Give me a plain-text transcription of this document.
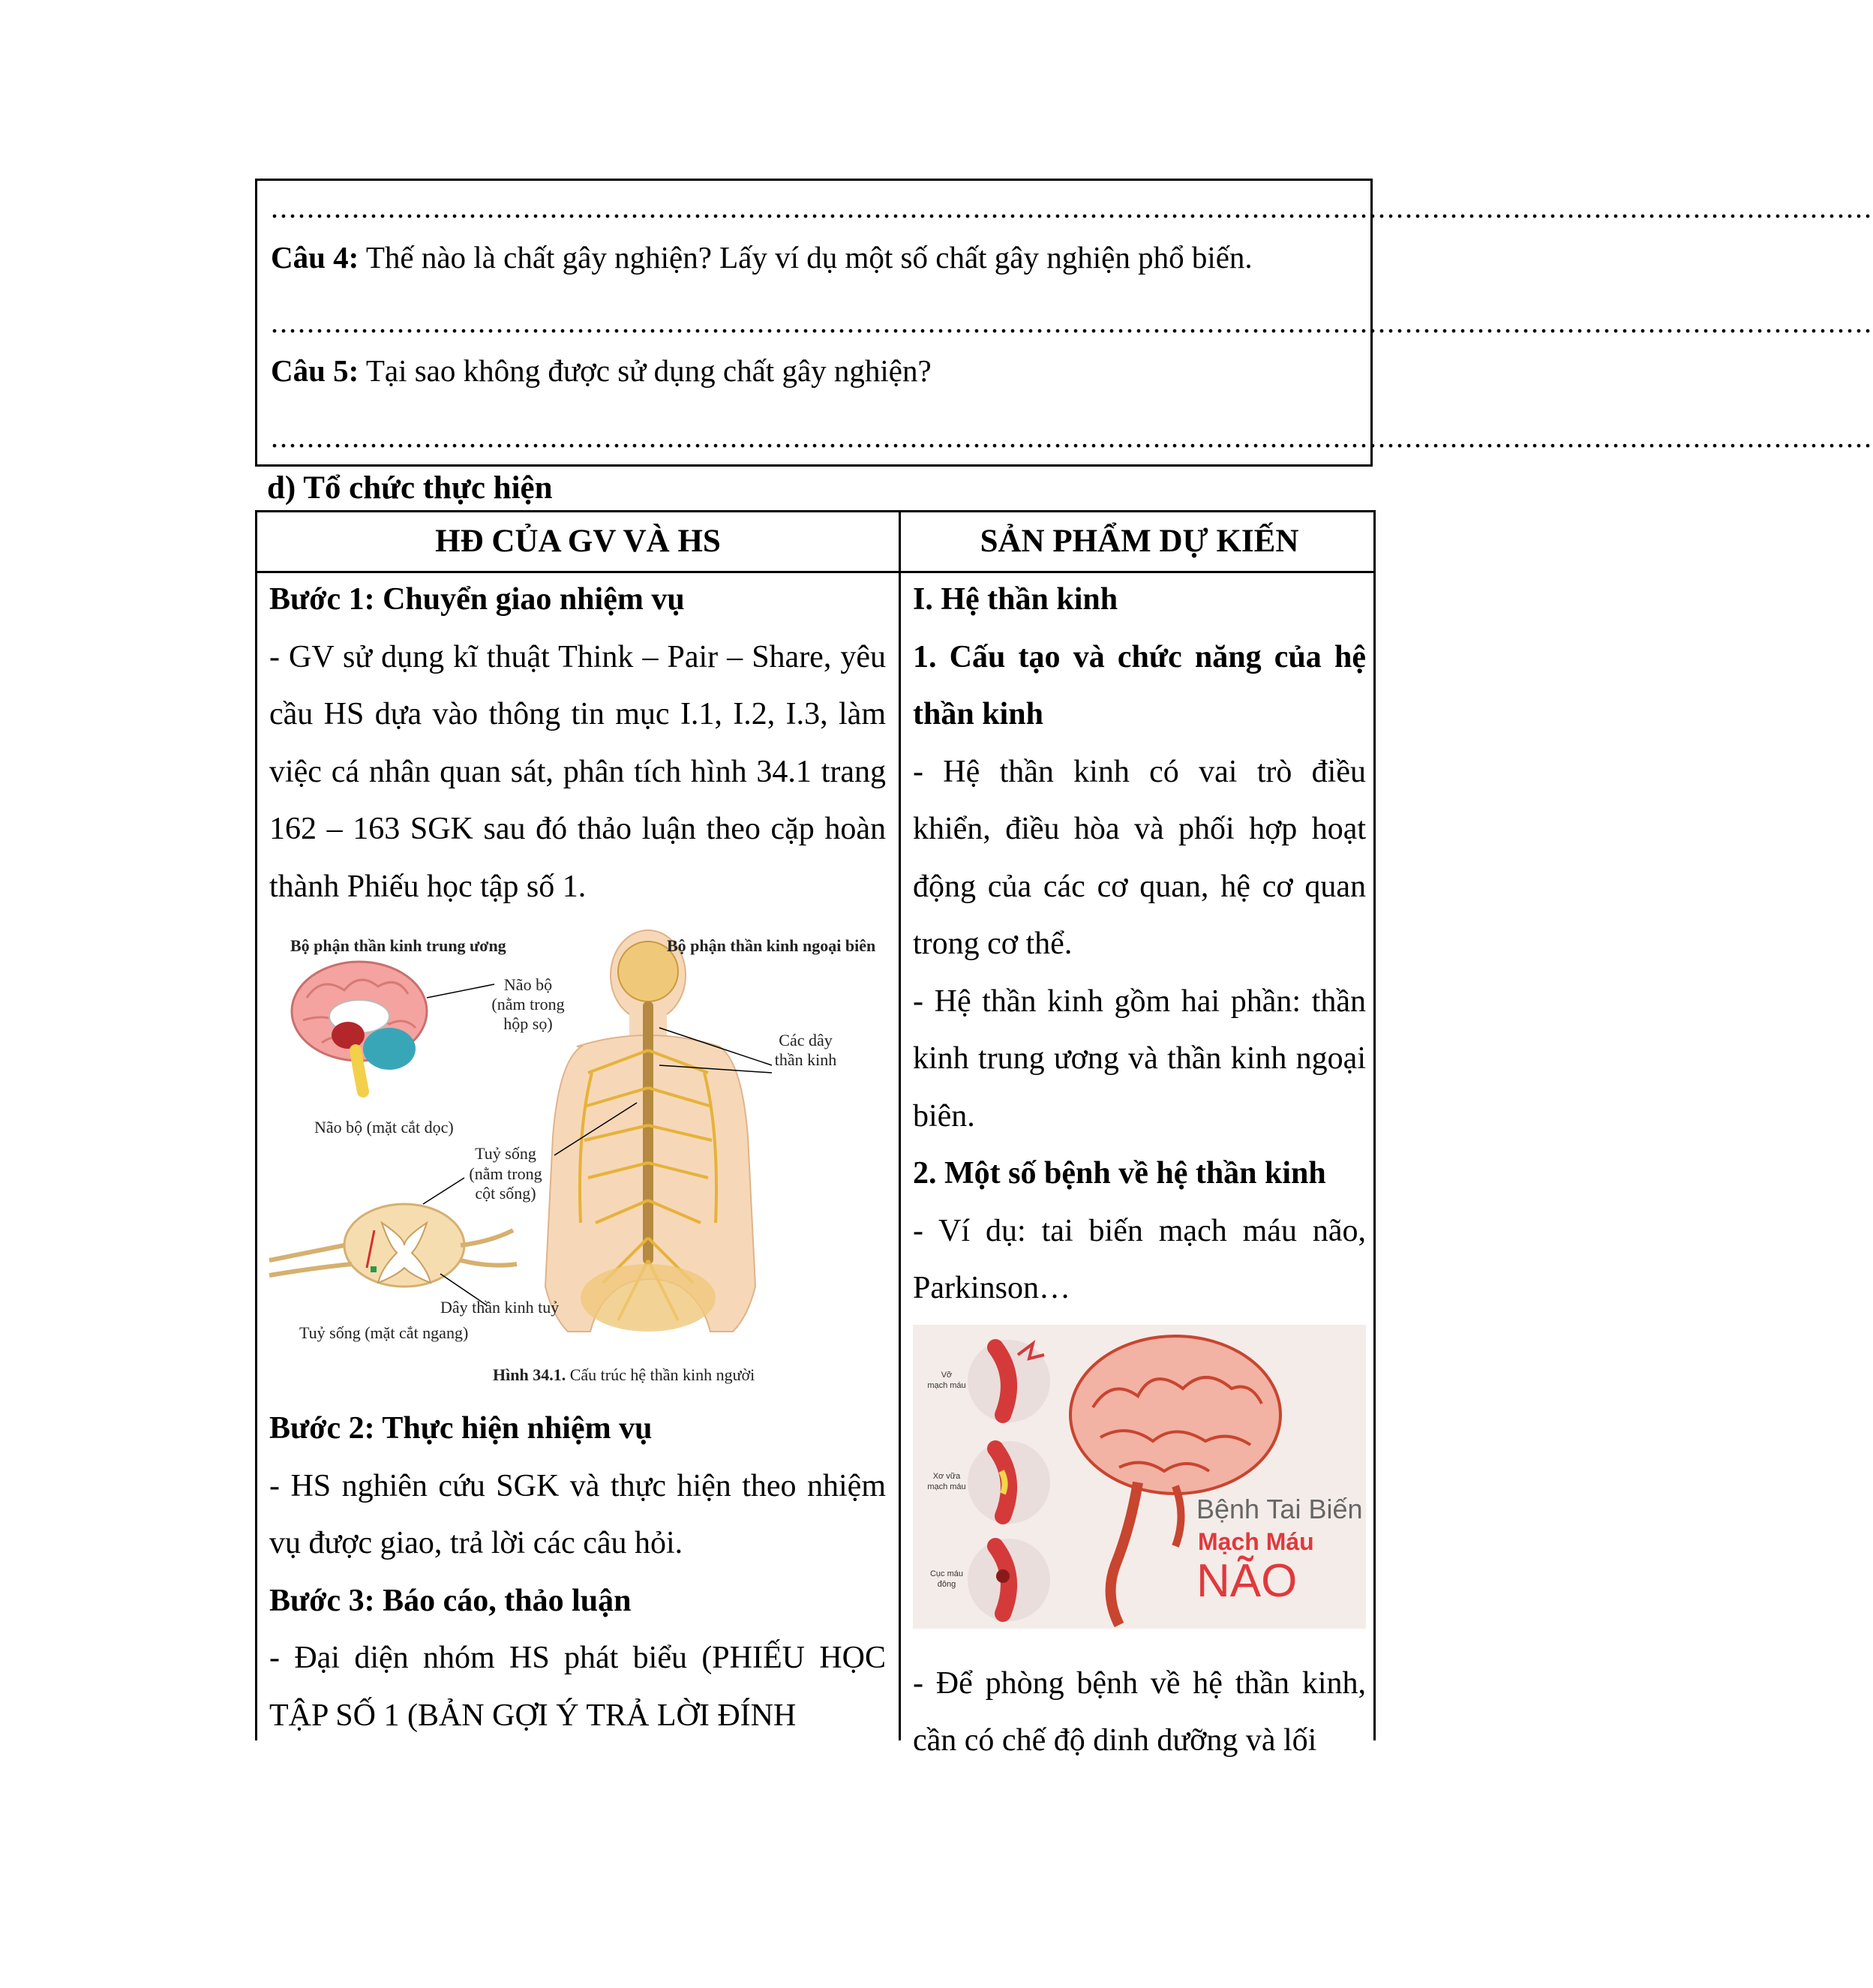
..................................................................................................................................................................................
Câu 4: Thế nào là chất gây nghiện? Lấy ví dụ một số chất gây nghiện phổ biến.
..................................................................................................................................................................................
Câu 5: Tại sao không được sử dụng chất gây nghiện?
..................................................................................................................................................................................
d) Tổ chức thực hiện
HĐ CỦA GV VÀ HS	SẢN PHẨM DỰ KIẾN

Bước 1: Chuyển giao nhiệm vụ

- GV sử dụng kĩ thuật Think – Pair – Share, yêu cầu HS dựa vào thông tin mục I.1, I.2, I.3, làm việc cá nhân quan sát, phân tích hình 34.1 trang 162 – 163 SGK sau đó thảo luận theo cặp hoàn thành Phiếu học tập số 1.

Bộ phận thần kinh trung ương	Bộ phận thần kinh ngoại biên
Não bộ
(nằm trong
hộp sọ)
Các dây
thần kinh
Não bộ (mặt cắt dọc)
Tuỷ sống
(nằm trong
cột sống)
Dây thần kinh tuỷ
Tuỷ sống (mặt cắt ngang)
Hình 34.1. Cấu trúc hệ thần kinh người

Bước 2: Thực hiện nhiệm vụ

- HS nghiên cứu SGK và thực hiện theo nhiệm vụ được giao, trả lời các câu hỏi.

Bước 3: Báo cáo, thảo luận

- Đại diện nhóm HS phát biểu (PHIẾU HỌC TẬP SỐ 1 (BẢN GỢI Ý TRẢ LỜI ĐÍNH

I. Hệ thần kinh

1. Cấu tạo và chức năng của hệ thần kinh

- Hệ thần kinh có vai trò điều khiển, điều hòa và phối hợp hoạt động của các cơ quan, hệ cơ quan trong cơ thể.

- Hệ thần kinh gồm hai phần: thần kinh trung ương và thần kinh ngoại biên.

2. Một số bệnh về hệ thần kinh

- Ví dụ: tai biến mạch máu não, Parkinson…

Vỡ
mạch máu
Xơ vữa
mạch máu
Cục máu
đông
Bệnh Tai Biến
Mạch Máu
NÃO

- Để phòng bệnh về hệ thần kinh, cần có chế độ dinh dưỡng và lối
